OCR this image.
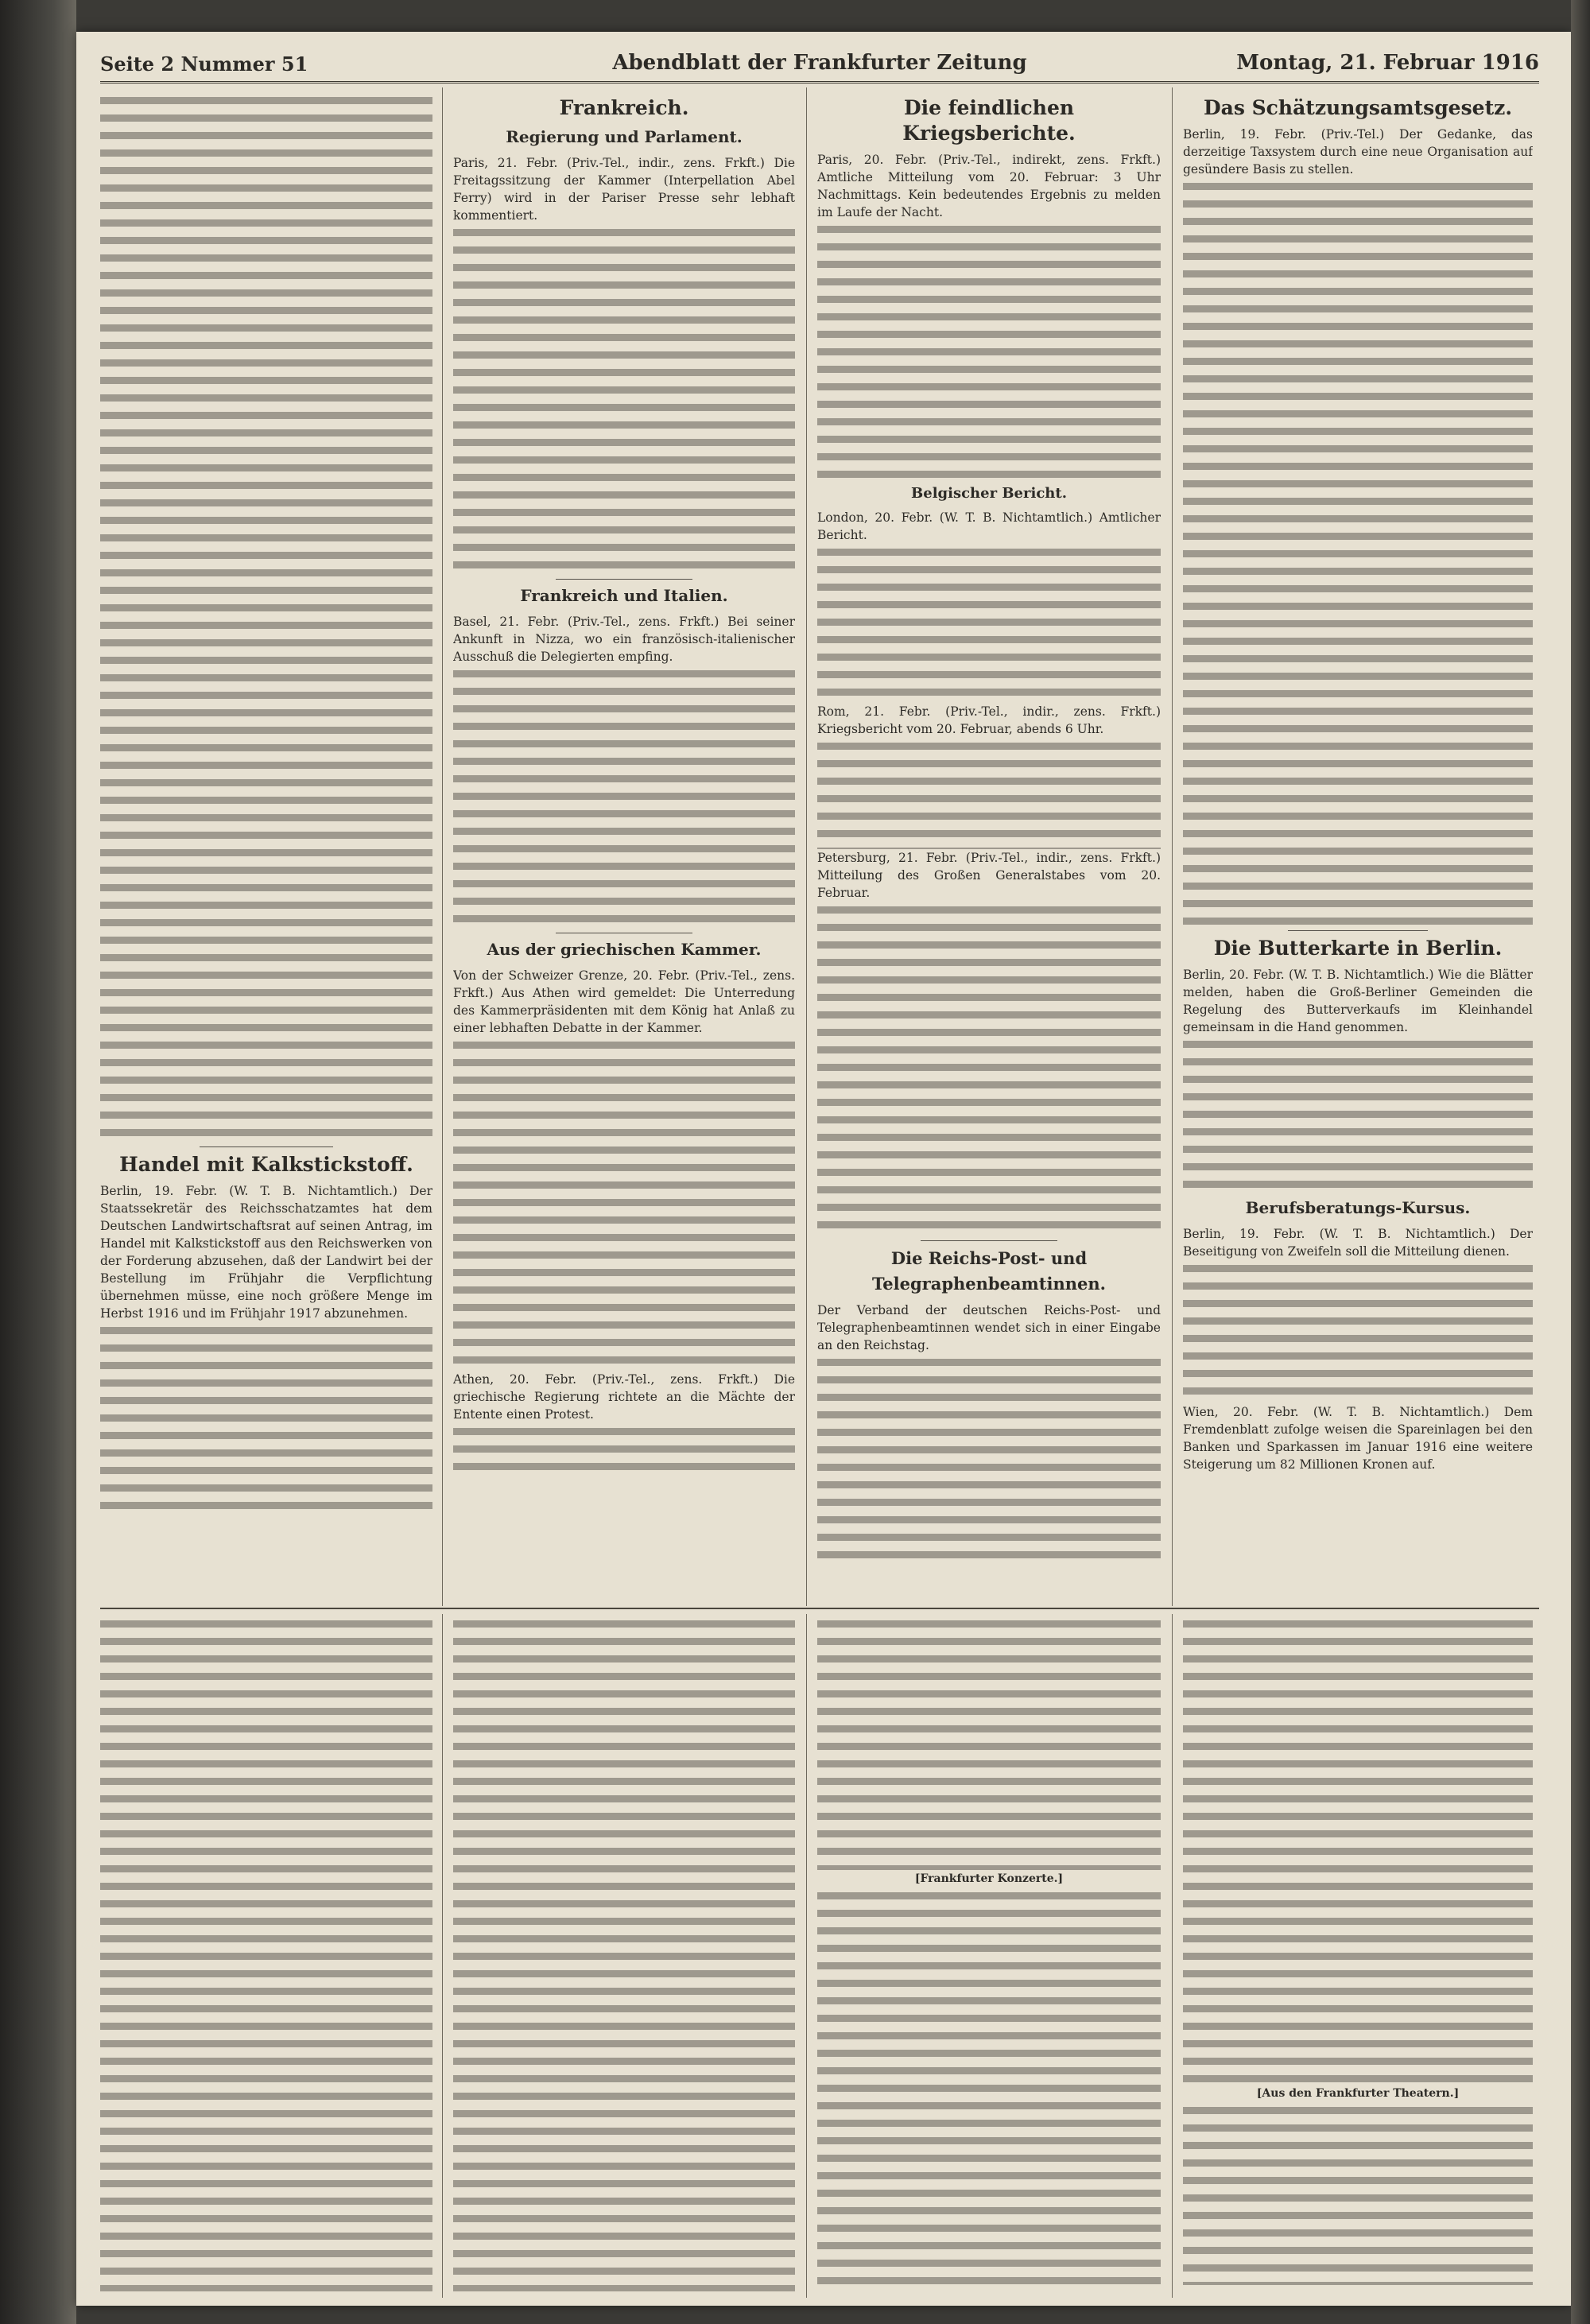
Seite 2 Nummer 51	Abendblatt der Frankfurter Zeitung	Montag, 21. Februar 1916
Handel mit Kalkstickstoff.
Berlin, 19. Febr. (W. T. B. Nichtamtlich.) Der Staatssekretär des Reichsschatzamtes hat dem Deutschen Landwirtschaftsrat auf seinen Antrag, im Handel mit Kalkstickstoff aus den Reichswerken von der Forderung abzusehen, daß der Landwirt bei der Bestellung im Frühjahr die Verpflichtung übernehmen müsse, eine noch größere Menge im Herbst 1916 und im Frühjahr 1917 abzunehmen.
Frankreich.
Regierung und Parlament.
Paris, 21. Febr. (Priv.-Tel., indir., zens. Frkft.) Die Freitagssitzung der Kammer (Interpellation Abel Ferry) wird in der Pariser Presse sehr lebhaft kommentiert.
Frankreich und Italien.
Basel, 21. Febr. (Priv.-Tel., zens. Frkft.) Bei seiner Ankunft in Nizza, wo ein französisch-italienischer Ausschuß die Delegierten empfing.
Aus der griechischen Kammer.
Von der Schweizer Grenze, 20. Febr. (Priv.-Tel., zens. Frkft.) Aus Athen wird gemeldet: Die Unterredung des Kammerpräsidenten mit dem König hat Anlaß zu einer lebhaften Debatte in der Kammer.
Athen, 20. Febr. (Priv.-Tel., zens. Frkft.) Die griechische Regierung richtete an die Mächte der Entente einen Protest.
Die feindlichen Kriegsberichte.
Paris, 20. Febr. (Priv.-Tel., indirekt, zens. Frkft.) Amtliche Mitteilung vom 20. Februar: 3 Uhr Nachmittags. Kein bedeutendes Ergebnis zu melden im Laufe der Nacht.
Belgischer Bericht.
London, 20. Febr. (W. T. B. Nichtamtlich.) Amtlicher Bericht.
Rom, 21. Febr. (Priv.-Tel., indir., zens. Frkft.) Kriegsbericht vom 20. Februar, abends 6 Uhr.
Petersburg, 21. Febr. (Priv.-Tel., indir., zens. Frkft.) Mitteilung des Großen Generalstabes vom 20. Februar.
Die Reichs-Post- und Telegraphenbeamtinnen.
Der Verband der deutschen Reichs-Post- und Telegraphenbeamtinnen wendet sich in einer Eingabe an den Reichstag.
Das Schätzungsamtsgesetz.
Berlin, 19. Febr. (Priv.-Tel.) Der Gedanke, das derzeitige Taxsystem durch eine neue Organisation auf gesündere Basis zu stellen.
Die Butterkarte in Berlin.
Berlin, 20. Febr. (W. T. B. Nichtamtlich.) Wie die Blätter melden, haben die Groß-Berliner Gemeinden die Regelung des Butterverkaufs im Kleinhandel gemeinsam in die Hand genommen.
Berufsberatungs-Kursus.
Berlin, 19. Febr. (W. T. B. Nichtamtlich.) Der Beseitigung von Zweifeln soll die Mitteilung dienen.
Wien, 20. Febr. (W. T. B. Nichtamtlich.) Dem Fremdenblatt zufolge weisen die Spareinlagen bei den Banken und Sparkassen im Januar 1916 eine weitere Steigerung um 82 Millionen Kronen auf.
[Frankfurter Konzerte.]
[Aus den Frankfurter Theatern.]
